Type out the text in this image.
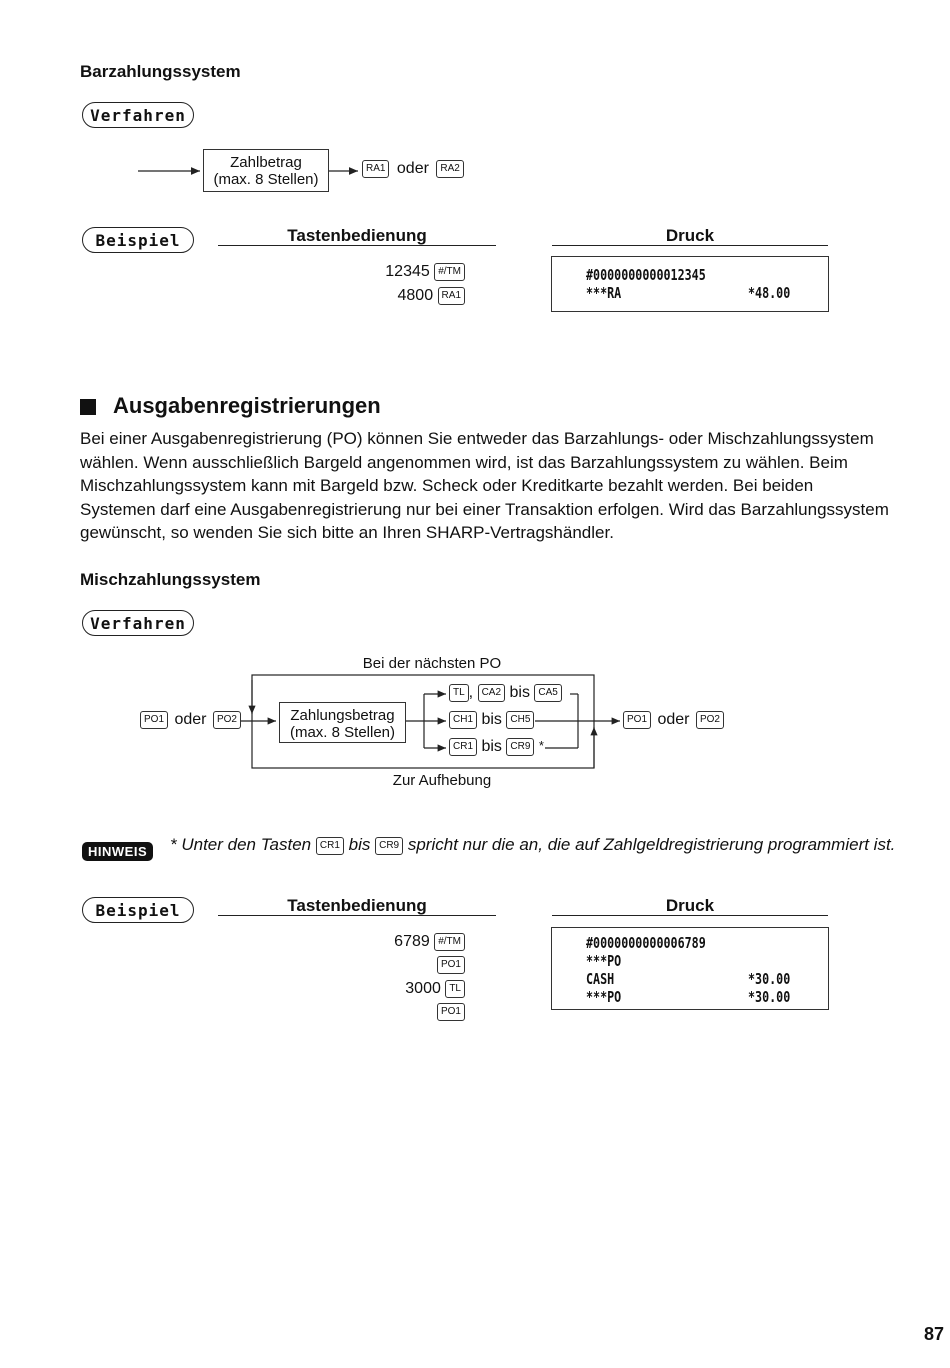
Barzahlungssystem
Verfahren
Zahlbetrag
(max. 8 Stellen)
RA1 oder RA2
Beispiel	Tastenbedienung	Druck
12345 #/TM
4800 RA1
#0000000000012345
***RA	*48.00
Ausgabenregistrierungen
Bei einer Ausgabenregistrierung (PO) können Sie entweder das Barzahlungs- oder Mischzahlungssystem
wählen. Wenn ausschließlich Bargeld angenommen wird, ist das Barzahlungssystem zu wählen. Beim
Mischzahlungssystem kann mit Bargeld bzw. Scheck oder Kreditkarte bezahlt werden. Bei beiden
Systemen darf eine Ausgabenregistrierung nur bei einer Transaktion erfolgen. Wird das Barzahlungssystem
gewünscht, so wenden Sie sich bitte an Ihren SHARP-Vertragshändler.
Mischzahlungssystem
Verfahren
Bei der nächsten PO
Zur Aufhebung
PO1 oder PO2	Zahlungsbetrag
(max. 8 Stellen)
TL , CA2 bis CA5
CH1 bis CH5
CR1 bis CR9 *
PO1 oder PO2
HINWEIS	* Unter den Tasten CR1 bis CR9 spricht nur die an, die auf Zahlgeldregistrierung programmiert ist.
Beispiel	Tastenbedienung	Druck
6789 #/TM
PO1
3000 TL
PO1
#0000000000006789
***PO
CASH	*30.00
***PO	*30.00
87
